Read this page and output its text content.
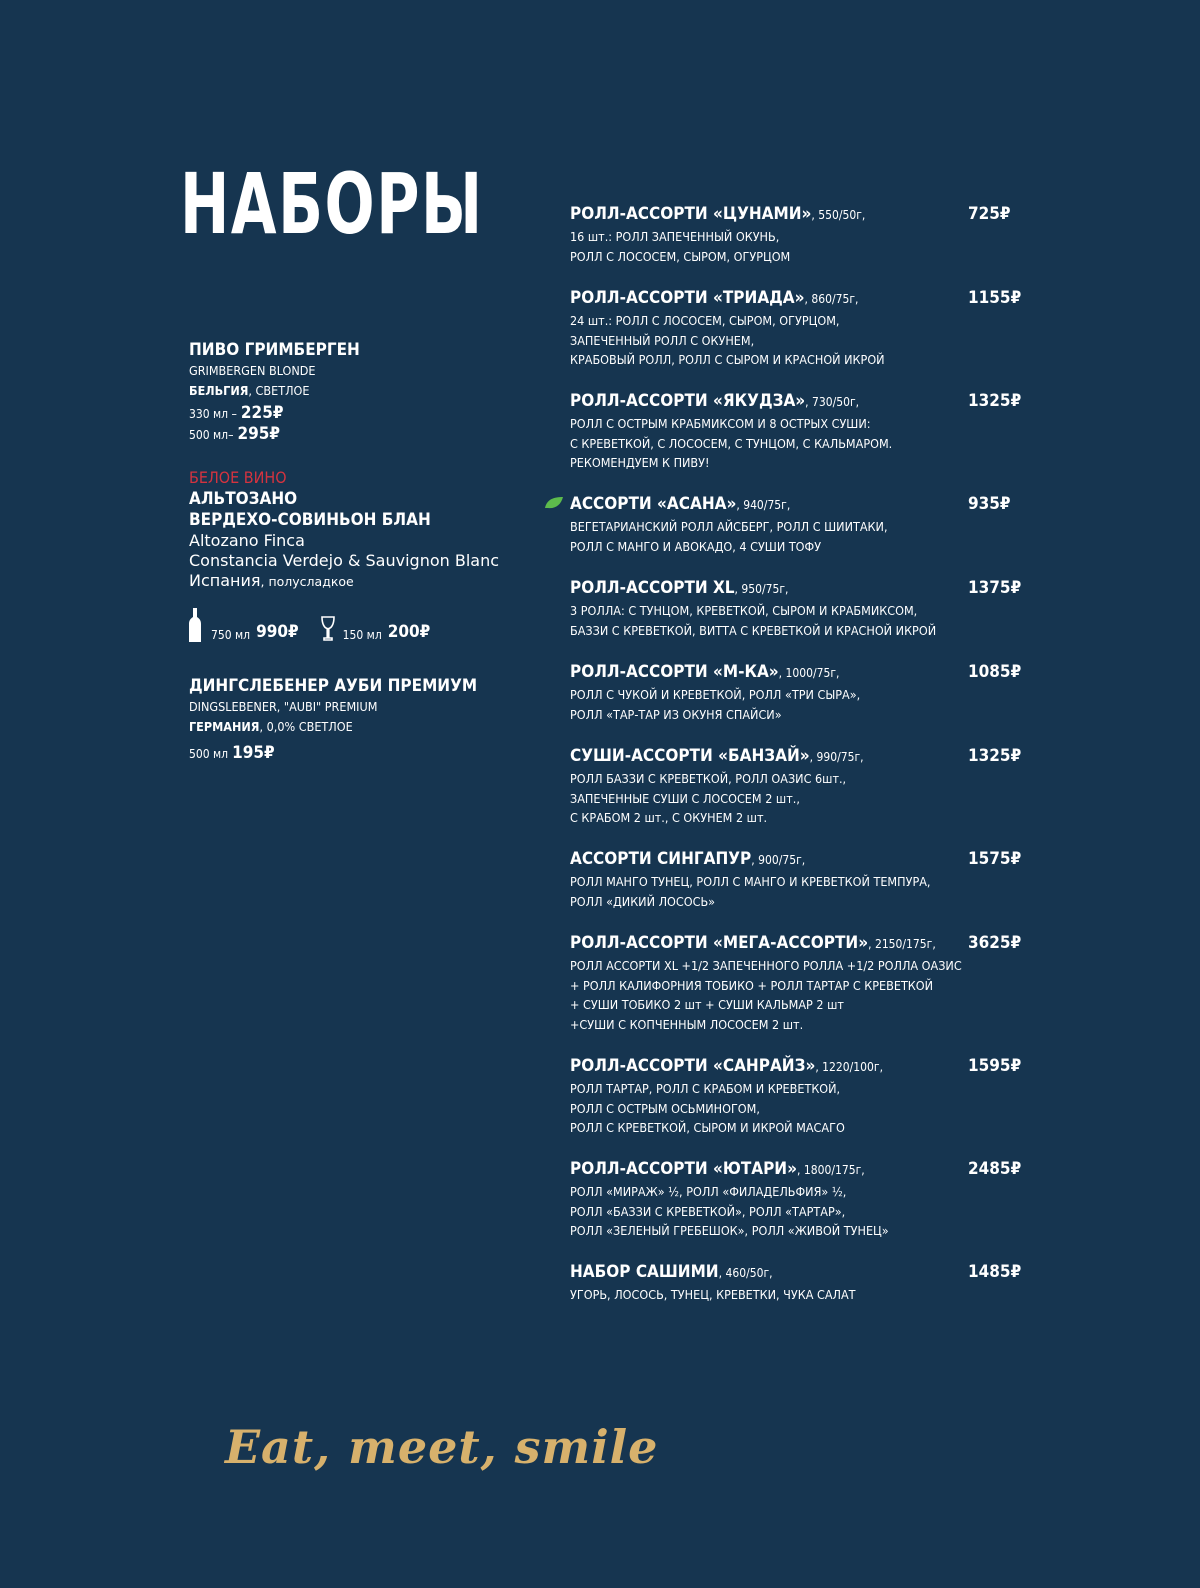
НАБОРЫ
ПИВО ГРИМБЕРГЕН
GRIMBERGEN BLONDE
БЕЛЬГИЯ, СВЕТЛОЕ
330 мл – 225₽
500 мл– 295₽
БЕЛОЕ ВИНО
АЛЬТОЗАНО
ВЕРДЕХО-СОВИНЬОН БЛАН
Altozano Finca
Constancia Verdejo & Sauvignon Blanc
Испания, полусладкое
750 мл 990₽	150 мл 200₽
ДИНГСЛЕБЕНЕР АУБИ ПРЕМИУМ
DINGSLEBENER, "AUBI" PREMIUM
ГЕРМАНИЯ, 0,0% СВЕТЛОЕ
500 мл 195₽
РОЛЛ-АССОРТИ «ЦУНАМИ», 550/50г,	725₽
16 шт.: РОЛЛ ЗАПЕЧЕННЫЙ ОКУНЬ,
РОЛЛ С ЛОСОСЕМ, СЫРОМ, ОГУРЦОМ
РОЛЛ-АССОРТИ «ТРИАДА», 860/75г,	1155₽
24 шт.: РОЛЛ С ЛОСОСЕМ, СЫРОМ, ОГУРЦОМ,
ЗАПЕЧЕННЫЙ РОЛЛ С ОКУНЕМ,
КРАБОВЫЙ РОЛЛ, РОЛЛ С СЫРОМ И КРАСНОЙ ИКРОЙ
РОЛЛ-АССОРТИ «ЯКУДЗА», 730/50г,	1325₽
РОЛЛ С ОСТРЫМ КРАБМИКСОМ И 8 ОСТРЫХ СУШИ:
С КРЕВЕТКОЙ, С ЛОСОСЕМ, С ТУНЦОМ, С КАЛЬМАРОМ.
РЕКОМЕНДУЕМ К ПИВУ!
АССОРТИ «АСАНА», 940/75г,	935₽
ВЕГЕТАРИАНСКИЙ РОЛЛ АЙСБЕРГ, РОЛЛ С ШИИТАКИ,
РОЛЛ С МАНГО И АВОКАДО, 4 СУШИ ТОФУ
РОЛЛ-АССОРТИ XL, 950/75г,	1375₽
3 РОЛЛА: С ТУНЦОМ, КРЕВЕТКОЙ, СЫРОМ И КРАБМИКСОМ,
БАЗЗИ С КРЕВЕТКОЙ, ВИТТА С КРЕВЕТКОЙ И КРАСНОЙ ИКРОЙ
РОЛЛ-АССОРТИ «М-КА», 1000/75г,	1085₽
РОЛЛ С ЧУКОЙ И КРЕВЕТКОЙ, РОЛЛ «ТРИ СЫРА»,
РОЛЛ «ТАР-ТАР ИЗ ОКУНЯ СПАЙСИ»
СУШИ-АССОРТИ «БАНЗАЙ», 990/75г,	1325₽
РОЛЛ БАЗЗИ С КРЕВЕТКОЙ, РОЛЛ ОАЗИС 6шт.,
ЗАПЕЧЕННЫЕ СУШИ С ЛОСОСЕМ 2 шт.,
С КРАБОМ 2 шт., С ОКУНЕМ 2 шт.
АССОРТИ СИНГАПУР, 900/75г,	1575₽
РОЛЛ МАНГО ТУНЕЦ, РОЛЛ С МАНГО И КРЕВЕТКОЙ ТЕМПУРА,
РОЛЛ «ДИКИЙ ЛОСОСЬ»
РОЛЛ-АССОРТИ «МЕГА-АССОРТИ», 2150/175г,	3625₽
РОЛЛ АССОРТИ XL +1/2 ЗАПЕЧЕННОГО РОЛЛА +1/2 РОЛЛА ОАЗИС
+ РОЛЛ КАЛИФОРНИЯ ТОБИКО + РОЛЛ ТАРТАР С КРЕВЕТКОЙ
+ СУШИ ТОБИКО 2 шт + СУШИ КАЛЬМАР 2 шт
+СУШИ С КОПЧЕННЫМ ЛОСОСЕМ 2 шт.
РОЛЛ-АССОРТИ «САНРАЙЗ», 1220/100г,	1595₽
РОЛЛ ТАРТАР, РОЛЛ С КРАБОМ И КРЕВЕТКОЙ,
РОЛЛ С ОСТРЫМ ОСЬМИНОГОМ,
РОЛЛ С КРЕВЕТКОЙ, СЫРОМ И ИКРОЙ МАСАГО
РОЛЛ-АССОРТИ «ЮТАРИ», 1800/175г,	2485₽
РОЛЛ «МИРАЖ» ½, РОЛЛ «ФИЛАДЕЛЬФИЯ» ½,
РОЛЛ «БАЗЗИ С КРЕВЕТКОЙ», РОЛЛ «ТАРТАР»,
РОЛЛ «ЗЕЛЕНЫЙ ГРЕБЕШОК», РОЛЛ «ЖИВОЙ ТУНЕЦ»
НАБОР САШИМИ, 460/50г,	1485₽
УГОРЬ, ЛОСОСЬ, ТУНЕЦ, КРЕВЕТКИ, ЧУКА САЛАТ
Eat, meet, smile
